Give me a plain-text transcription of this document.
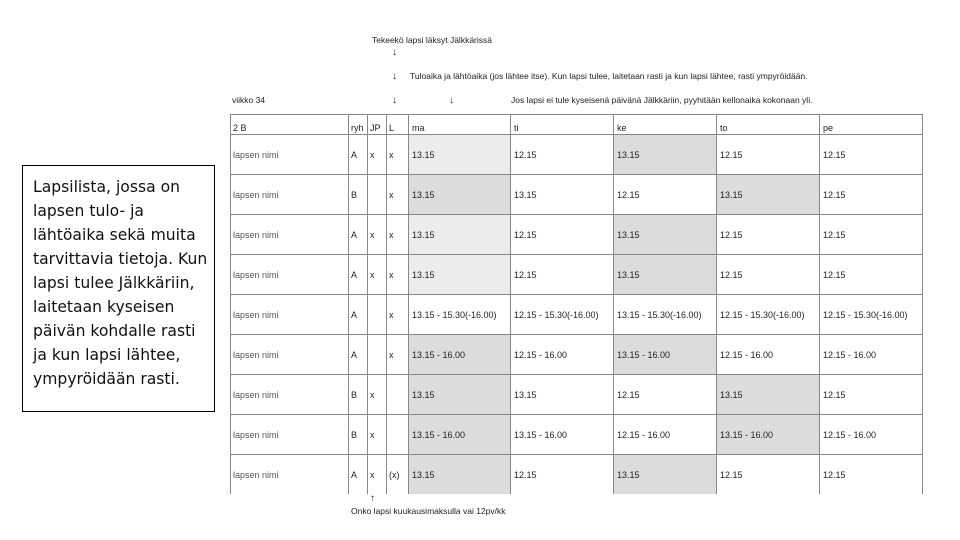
Tekeekö lapsi läksyt Jälkkärissä
↓
↓ Tuloaika ja lähtöaika (jos lähtee itse). Kun lapsi tulee, laitetaan rasti ja kun lapsi lähtee, rasti ympyröidään.
viikko 34	↓	↓	Jos lapsi ei tule kyseisenä päivänä Jälkkäriin, pyyhitään kellonaika kokonaan yli.
Lapsilista, jossa on lapsen tulo- ja lähtöaika sekä muita tarvittavia tietoja. Kun lapsi tulee Jälkkäriin, laitetaan kyseisen päivän kohdalle rasti ja kun lapsi lähtee, ympyröidään rasti.
2 B	ryh	JP	L	ma	ti	ke	to	pe
lapsen nimi	A	x	x	13.15	12.15	13.15	12.15	12.15
lapsen nimi	B		x	13.15	13.15	12.15	13.15	12.15
lapsen nimi	A	x	x	13.15	12.15	13.15	12.15	12.15
lapsen nimi	A	x	x	13.15	12.15	13.15	12.15	12.15
lapsen nimi	A		x	13.15 - 15.30(-16.00)	12.15 - 15.30(-16.00)	13.15 - 15.30(-16.00)	12.15 - 15.30(-16.00)	12.15 - 15.30(-16.00)
lapsen nimi	A		x	13.15 - 16.00	12.15 - 16.00	13.15 - 16.00	12.15 - 16.00	12.15 - 16.00
lapsen nimi	B	x		13.15	13.15	12.15	13.15	12.15
lapsen nimi	B	x		13.15 - 16.00	13.15 - 16.00	12.15 - 16.00	13.15 - 16.00	12.15 - 16.00
lapsen nimi	A	x	(x)	13.15	12.15	13.15	12.15	12.15
↑
Onko lapsi kuukausimaksulla vai 12pv/kk
